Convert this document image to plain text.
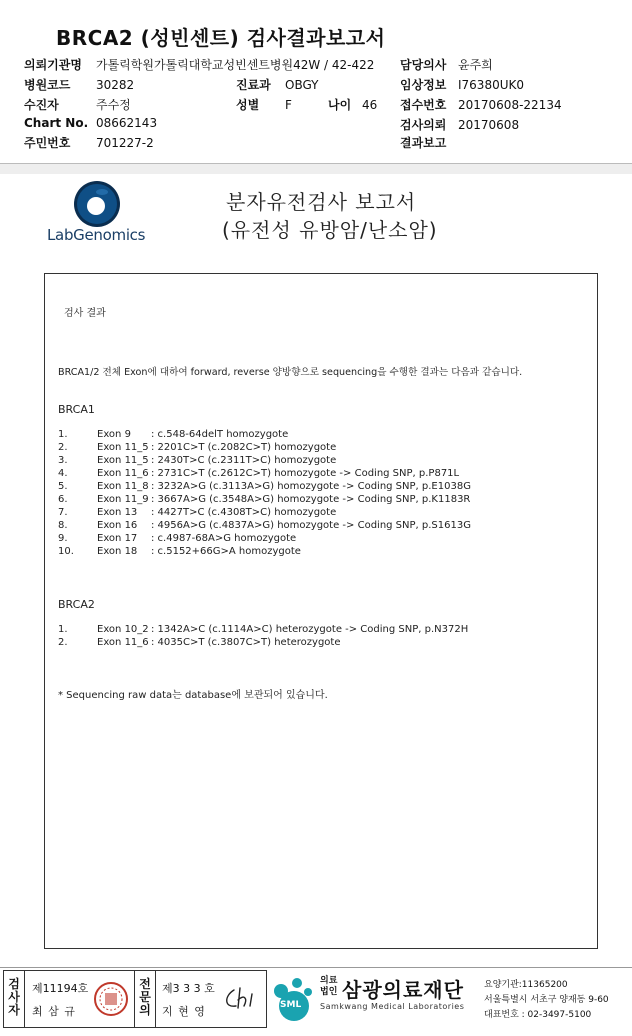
BRCA2 (성빈센트) 검사결과보고서
의뢰기관명 가톨릭학원가톨릭대학교성빈센트병원42W / 42-422 담당의사 윤주희
병원코드 30282	진료과 OBGY	임상정보 I76380UK0
수진자	주수정	성별 F	나이 46 접수번호 20170608-22134
Chart No. 08662143	검사의뢰 20170608
주민번호 701227-2	결과보고
LabGenomics
분자유전검사 보고서
(유전성 유방암/난소암)
검사 결과
BRCA1/2 전체 Exon에 대하여 forward, reverse 양방향으로 sequencing을 수행한 결과는 다음과 같습니다.
BRCA1
1.	Exon 9 : c.548-64delT homozygote
2.	Exon 11_5 : 2201C>T (c.2082C>T) homozygote
3.	Exon 11_5 : 2430T>C (c.2311T>C) homozygote
4.	Exon 11_6 : 2731C>T (c.2612C>T) homozygote -> Coding SNP, p.P871L
5.	Exon 11_8 : 3232A>G (c.3113A>G) homozygote -> Coding SNP, p.E1038G
6.	Exon 11_9 : 3667A>G (c.3548A>G) homozygote -> Coding SNP, p.K1183R
7.	Exon 13 : 4427T>C (c.4308T>C) homozygote
8.	Exon 16 : 4956A>G (c.4837A>G) homozygote -> Coding SNP, p.S1613G
9.	Exon 17 : c.4987-68A>G homozygote
10. Exon 18 : c.5152+66G>A homozygote
BRCA2
1.	Exon 10_2 : 1342A>C (c.1114A>C) heterozygote -> Coding SNP, p.N372H
2.	Exon 11_6 : 4035C>T (c.3807C>T) heterozygote
* Sequencing raw data는 database에 보관되어 있습니다.
검사자
제11194호
최 삼 규
전문의
제3 3 3 호
지 현 영	SML
의료
법인 삼광의료재단
Samkwang Medical Laboratories
요양기관:11365200
서울특별시 서초구 양재동 9-60
대표번호 : 02-3497-5100
